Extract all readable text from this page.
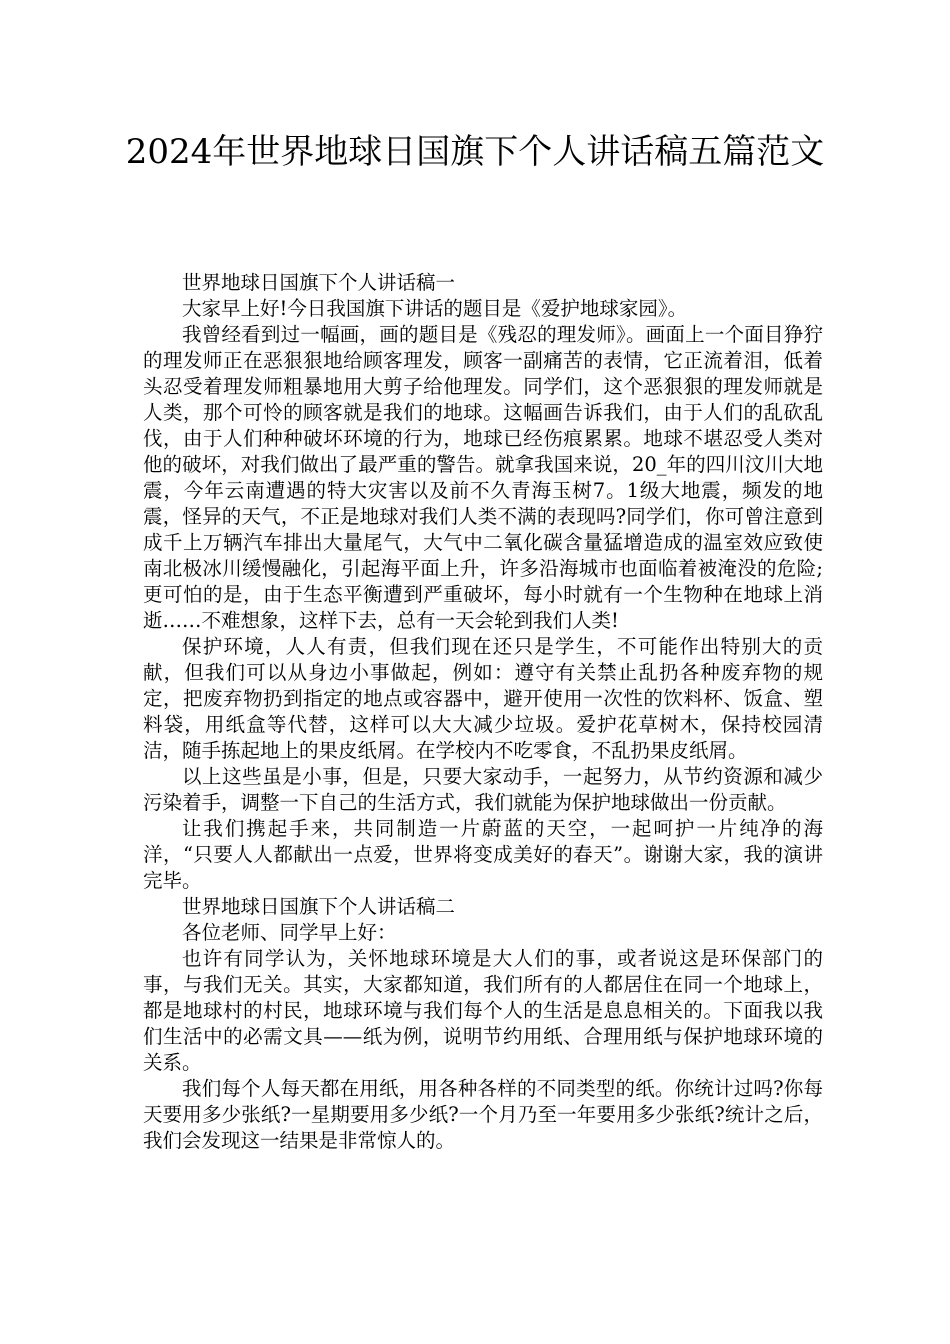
2024年世界地球日国旗下个人讲话稿五篇范文

世界地球日国旗下个人讲话稿一

大家早上好!今日我国旗下讲话的题目是《爱护地球家园》。

我曾经看到过一幅画，画的题目是《残忍的理发师》。画面上一个面目狰狞的理发师正在恶狠狠地给顾客理发，顾客一副痛苦的表情，它正流着泪，低着头忍受着理发师粗暴地用大剪子给他理发。同学们，这个恶狠狠的理发师就是人类，那个可怜的顾客就是我们的地球。这幅画告诉我们，由于人们的乱砍乱伐，由于人们种种破坏环境的行为，地球已经伤痕累累。地球不堪忍受人类对他的破坏，对我们做出了最严重的警告。就拿我国来说，20_年的四川汶川大地震，今年云南遭遇的特大灾害以及前不久青海玉树7。1级大地震，频发的地震，怪异的天气，不正是地球对我们人类不满的表现吗?同学们，你可曾注意到成千上万辆汽车排出大量尾气，大气中二氧化碳含量猛增造成的温室效应致使南北极冰川缓慢融化，引起海平面上升，许多沿海城市也面临着被淹没的危险;更可怕的是，由于生态平衡遭到严重破坏，每小时就有一个生物种在地球上消逝……不难想象，这样下去，总有一天会轮到我们人类!

保护环境，人人有责，但我们现在还只是学生，不可能作出特别大的贡献，但我们可以从身边小事做起，例如：遵守有关禁止乱扔各种废弃物的规定，把废弃物扔到指定的地点或容器中，避开使用一次性的饮料杯、饭盒、塑料袋，用纸盒等代替，这样可以大大减少垃圾。爱护花草树木，保持校园清洁，随手拣起地上的果皮纸屑。在学校内不吃零食，不乱扔果皮纸屑。

以上这些虽是小事，但是，只要大家动手，一起努力，从节约资源和减少污染着手，调整一下自己的生活方式，我们就能为保护地球做出一份贡献。

让我们携起手来，共同制造一片蔚蓝的天空，一起呵护一片纯净的海洋，“只要人人都献出一点爱，世界将变成美好的春天”。谢谢大家，我的演讲完毕。

世界地球日国旗下个人讲话稿二

各位老师、同学早上好：

也许有同学认为，关怀地球环境是大人们的事，或者说这是环保部门的事，与我们无关。其实，大家都知道，我们所有的人都居住在同一个地球上，都是地球村的村民，地球环境与我们每个人的生活是息息相关的。下面我以我们生活中的必需文具——纸为例，说明节约用纸、合理用纸与保护地球环境的关系。

我们每个人每天都在用纸，用各种各样的不同类型的纸。你统计过吗?你每天要用多少张纸?一星期要用多少纸?一个月乃至一年要用多少张纸?统计之后，我们会发现这一结果是非常惊人的。
